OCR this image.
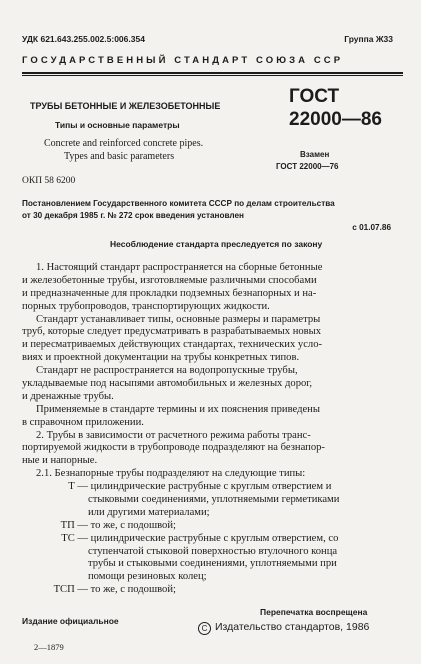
УДК 621.643.255.002.5:006.354	Группа Ж33
ГОСУДАРСТВЕННЫЙ СТАНДАРТ СОЮЗА ССР
ТРУБЫ БЕТОННЫЕ И ЖЕЛЕЗОБЕТОННЫЕ
Типы и основные параметры
Concrete and reinforced concrete pipes.
Types and basic parameters
ГОСТ
22000—86
Взамен
ГОСТ 22000—76
ОКП 58 6200
Постановлением Государственного комитета СССР по делам строительства
от 30 декабря 1985 г. № 272 срок введения установлен
с 01.07.86
Несоблюдение стандарта преследуется по закону
1. Настоящий стандарт распространяется на сборные бетонные
и железобетонные трубы, изготовляемые различными способами
и предназначенные для прокладки подземных безнапорных и на-
порных трубопроводов, транспортирующих жидкости.
Стандарт устанавливает типы, основные размеры и параметры
труб, которые следует предусматривать в разрабатываемых новых
и пересматриваемых действующих стандартах, технических усло-
виях и проектной документации на трубы конкретных типов.
Стандарт не распространяется на водопропускные трубы,
укладываемые под насыпями автомобильных и железных дорог,
и дренажные трубы.
Применяемые в стандарте термины и их пояснения приведены
в справочном приложении.
2. Трубы в зависимости от расчетного режима работы транс-
портируемой жидкости в трубопроводе подразделяют на безнапор-
ные и напорные.
2.1. Безнапорные трубы подразделяют на следующие типы:
Т — цилиндрические раструбные с круглым отверстием и
стыковыми соединениями, уплотняемыми герметиками
или другими материалами;
ТП — то же, с подошвой;
ТС — цилиндрические раструбные с круглым отверстием, со
ступенчатой стыковой поверхностью втулочного конца
трубы и стыковыми соединениями, уплотняемыми при
помощи резиновых колец;
ТСП — то же, с подошвой;
Издание официальное
Перепечатка воспрещена
С Издательство стандартов, 1986
2—1879
